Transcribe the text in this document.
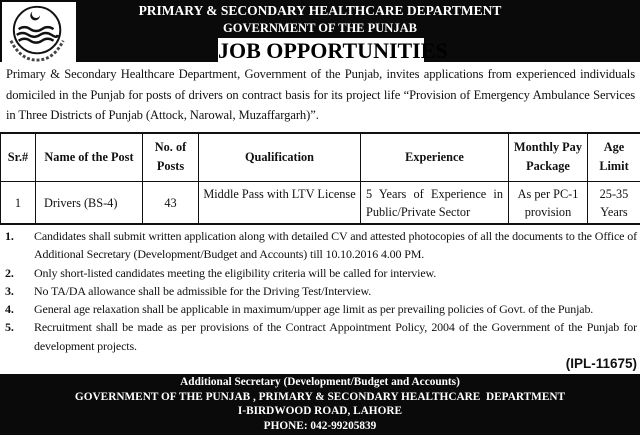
PRIMARY & SECONDARY HEALTHCARE DEPARTMENT
GOVERNMENT OF THE PUNJAB
JOB OPPORTUNITIES
Primary & Secondary Healthcare Department, Government of the Punjab, invites applications from experienced individuals domiciled in the Punjab for posts of drivers on contract basis for its project life “Provision of Emergency Ambulance Services in Three Districts of Punjab (Attock, Narowal, Muzaffargarh)”.
Sr.#	Name of the Post	No. of Posts	Qualification	Experience	Monthly Pay Package	Age Limit
1	Drivers (BS-4)	43	Middle Pass with LTV License	5 Years of Experience in Public/Private Sector	As per PC-1 provision	25-35 Years
1.	Candidates shall submit written application along with detailed CV and attested photocopies of all the documents to the Office of Additional Secretary (Development/Budget and Accounts) till 10.10.2016 4.00 PM.
2.	Only short-listed candidates meeting the eligibility criteria will be called for interview.
3.	No TA/DA allowance shall be admissible for the Driving Test/Interview.
4.	General age relaxation shall be applicable in maximum/upper age limit as per prevailing policies of Govt. of the Punjab.
5.	Recruitment shall be made as per provisions of the Contract Appointment Policy, 2004 of the Government of the Punjab for development projects.
(IPL-11675)
Additional Secretary (Development/Budget and Accounts)
GOVERNMENT OF THE PUNJAB , PRIMARY & SECONDARY HEALTHCARE  DEPARTMENT
I-BIRDWOOD ROAD, LAHORE
PHONE: 042-99205839
